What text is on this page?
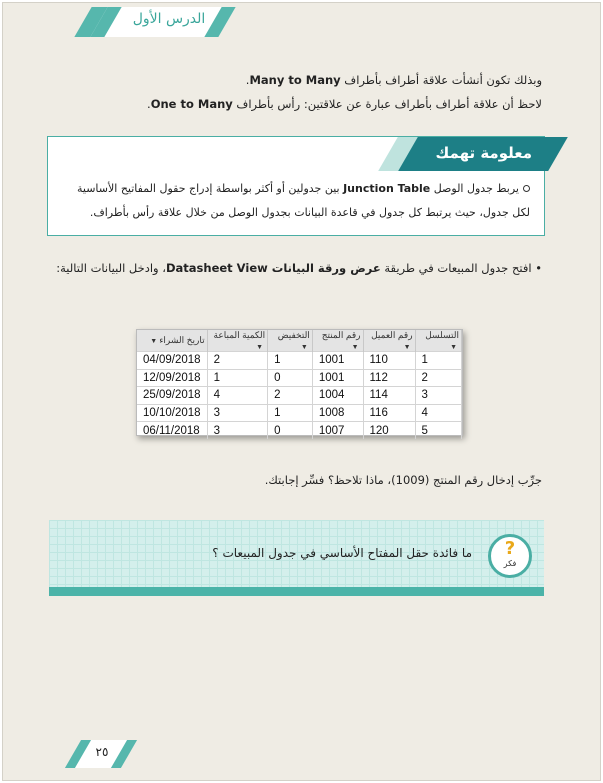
الدرس الأول
وبذلك تكون أنشأت علاقة أطراف بأطراف Many to Many.
لاحظ أن علاقة أطراف بأطراف عبارة عن علاقتين: رأس بأطراف One to Many.
معلومة تهمك
يربط جدول الوصل Junction Table بين جدولين أو أكثر بواسطة إدراج حقول المفاتيح الأساسية
لكل جدول، حيث يرتبط كل جدول في قاعدة البيانات بجدول الوصل من خلال علاقة رأس بأطراف.
• افتح جدول المبيعات في طريقة عرض ورقة البيانات Datasheet View، وادخل البيانات التالية:
التسلسل▼	رقم العميل▼	رقم المنتج▼	التخفيض▼	الكمية المباعة▼	تاريخ الشراء▼
1	110	1001	1	2	04/09/2018
2	112	1001	0	1	12/09/2018
3	114	1004	2	4	25/09/2018
4	116	1008	1	3	10/10/2018
5	120	1007	0	3	06/11/2018
جرِّب إدخال رقم المنتج (1009)، ماذا تلاحظ؟ فسِّر إجابتك.
?
فكر
ما فائدة حقل المفتاح الأساسي في جدول المبيعات ؟
٢٥
